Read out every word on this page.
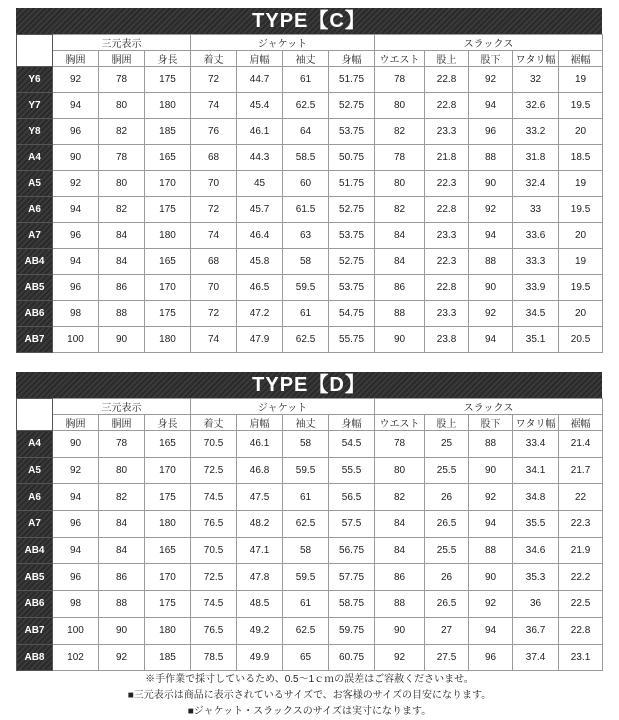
TYPE【C】
	三元表示			ジャケット				スラックス				
	胸囲	胴囲	身長	着丈	肩幅	袖丈	身幅	ウエスト	股上	股下	ワタリ幅	裾幅
Y6	92	78	175	72	44.7	61	51.75	78	22.8	92	32	19
Y7	94	80	180	74	45.4	62.5	52.75	80	22.8	94	32.6	19.5
Y8	96	82	185	76	46.1	64	53.75	82	23.3	96	33.2	20
A4	90	78	165	68	44.3	58.5	50.75	78	21.8	88	31.8	18.5
A5	92	80	170	70	45	60	51.75	80	22.3	90	32.4	19
A6	94	82	175	72	45.7	61.5	52.75	82	22.8	92	33	19.5
A7	96	84	180	74	46.4	63	53.75	84	23.3	94	33.6	20
AB4	94	84	165	68	45.8	58	52.75	84	22.3	88	33.3	19
AB5	96	86	170	70	46.5	59.5	53.75	86	22.8	90	33.9	19.5
AB6	98	88	175	72	47.2	61	54.75	88	23.3	92	34.5	20
AB7	100	90	180	74	47.9	62.5	55.75	90	23.8	94	35.1	20.5
TYPE【D】
	三元表示			ジャケット				スラックス				
	胸囲	胴囲	身長	着丈	肩幅	袖丈	身幅	ウエスト	股上	股下	ワタリ幅	裾幅
A4	90	78	165	70.5	46.1	58	54.5	78	25	88	33.4	21.4
A5	92	80	170	72.5	46.8	59.5	55.5	80	25.5	90	34.1	21.7
A6	94	82	175	74.5	47.5	61	56.5	82	26	92	34.8	22
A7	96	84	180	76.5	48.2	62.5	57.5	84	26.5	94	35.5	22.3
AB4	94	84	165	70.5	47.1	58	56.75	84	25.5	88	34.6	21.9
AB5	96	86	170	72.5	47.8	59.5	57.75	86	26	90	35.3	22.2
AB6	98	88	175	74.5	48.5	61	58.75	88	26.5	92	36	22.5
AB7	100	90	180	76.5	49.2	62.5	59.75	90	27	94	36.7	22.8
AB8	102	92	185	78.5	49.9	65	60.75	92	27.5	96	37.4	23.1
※手作業で採寸しているため、0.5〜1ｃｍの誤差はご容赦くださいませ。
■三元表示は商品に表示されているサイズで、お客様のサイズの目安になります。
■ジャケット・スラックスのサイズは実寸になります。
